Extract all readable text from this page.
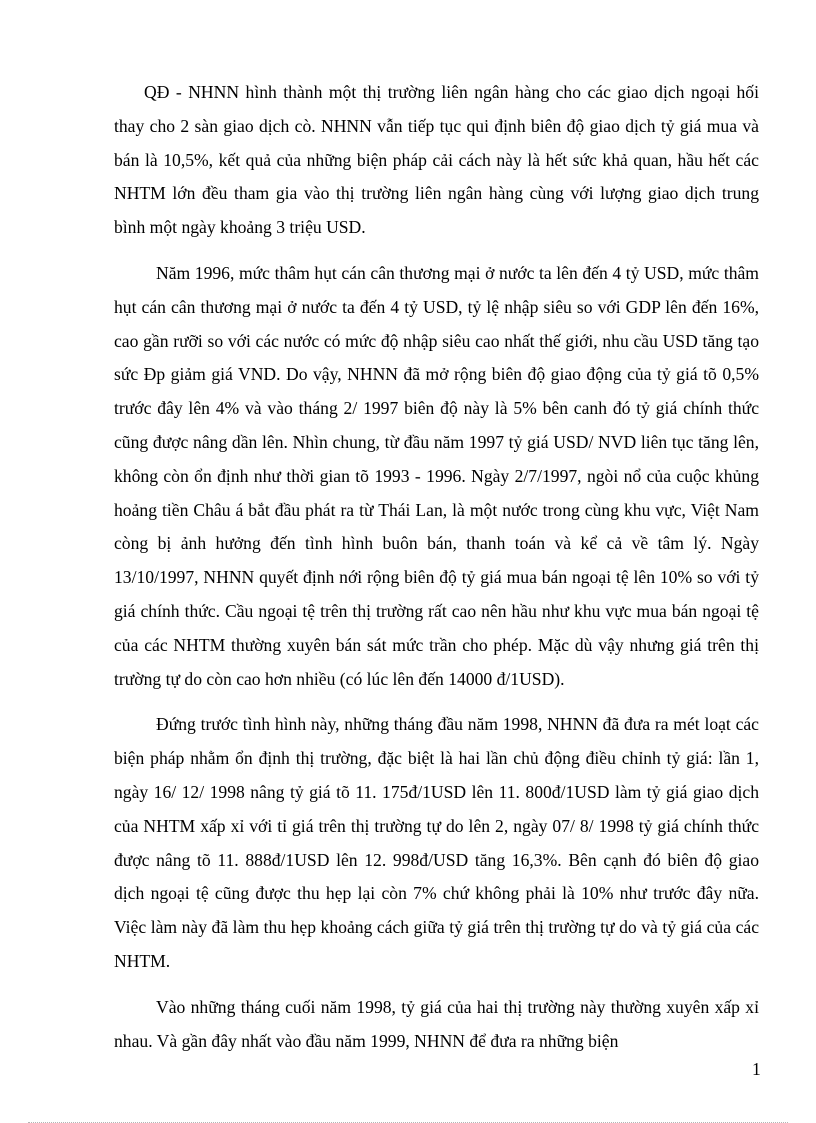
QĐ - NHNN hình thành một thị trường liên ngân hàng cho các giao dịch ngoại hối thay cho 2 sàn giao dịch cò. NHNN vẫn tiếp tục qui định biên độ giao dịch tỷ giá mua và bán là 10,5%, kết quả của những biện pháp cải cách này là hết sức khả quan, hầu hết các NHTM lớn đều tham gia vào thị trường liên ngân hàng cùng với lượng giao dịch trung bình một ngày khoảng 3 triệu USD.

Năm 1996, mức thâm hụt cán cân thương mại ở nước ta lên đến 4 tỷ USD, mức thâm hụt cán cân thương mại ở nước ta đến 4 tỷ USD, tỷ lệ nhập siêu so với GDP lên đến 16%, cao gần rưỡi so với các nước có mức độ nhập siêu cao nhất thế giới, nhu cầu USD tăng tạo sức Đp giảm giá VND. Do vậy, NHNN đã mở rộng biên độ giao động của tỷ giá tõ 0,5% trước đây lên 4% và vào tháng 2/ 1997 biên độ này là 5% bên canh đó tỷ giá chính thức cũng được nâng dần lên. Nhìn chung, từ đầu năm 1997 tỷ giá USD/ NVD liên tục tăng lên, không còn ổn định như thời gian tõ 1993 - 1996. Ngày 2/7/1997, ngòi nổ của cuộc khủng hoảng tiền Châu á bắt đầu phát ra từ Thái Lan, là một nước trong cùng khu vực, Việt Nam còng bị ảnh hưởng đến tình hình buôn bán, thanh toán và kể cả về tâm lý. Ngày 13/10/1997, NHNN quyết định nới rộng biên độ tỷ giá mua bán ngoại tệ lên 10% so với tỷ giá chính thức. Cầu ngoại tệ trên thị trường rất cao nên hầu như khu vực mua bán ngoại tệ của các NHTM thường xuyên bán sát mức trần cho phép. Mặc dù vậy nhưng giá trên thị trường tự do còn cao hơn nhiều (có lúc lên đến 14000 đ/1USD).

Đứng trước tình hình này, những tháng đầu năm 1998, NHNN đã đưa ra mét loạt các biện pháp nhằm ổn định thị trường, đặc biệt là hai lần chủ động điều chỉnh tỷ giá: lần 1, ngày 16/ 12/ 1998 nâng tỷ giá tõ 11. 175đ/1USD lên 11. 800đ/1USD làm tỷ giá giao dịch của NHTM xấp xỉ với tỉ giá trên thị trường tự do lên 2, ngày 07/ 8/ 1998 tỷ giá chính thức được nâng tõ 11. 888đ/1USD lên 12. 998đ/USD tăng 16,3%. Bên cạnh đó biên độ giao dịch ngoại tệ cũng được thu hẹp lại còn 7% chứ không phải là 10% như trước đây nữa. Việc làm này đã làm thu hẹp khoảng cách giữa tỷ giá trên thị trường tự do và tỷ giá của các NHTM.

Vào những tháng cuối năm 1998, tỷ giá của hai thị trường này thường xuyên xấp xỉ nhau. Và gần đây nhất vào đầu năm 1999, NHNN để đưa ra những biện

1
